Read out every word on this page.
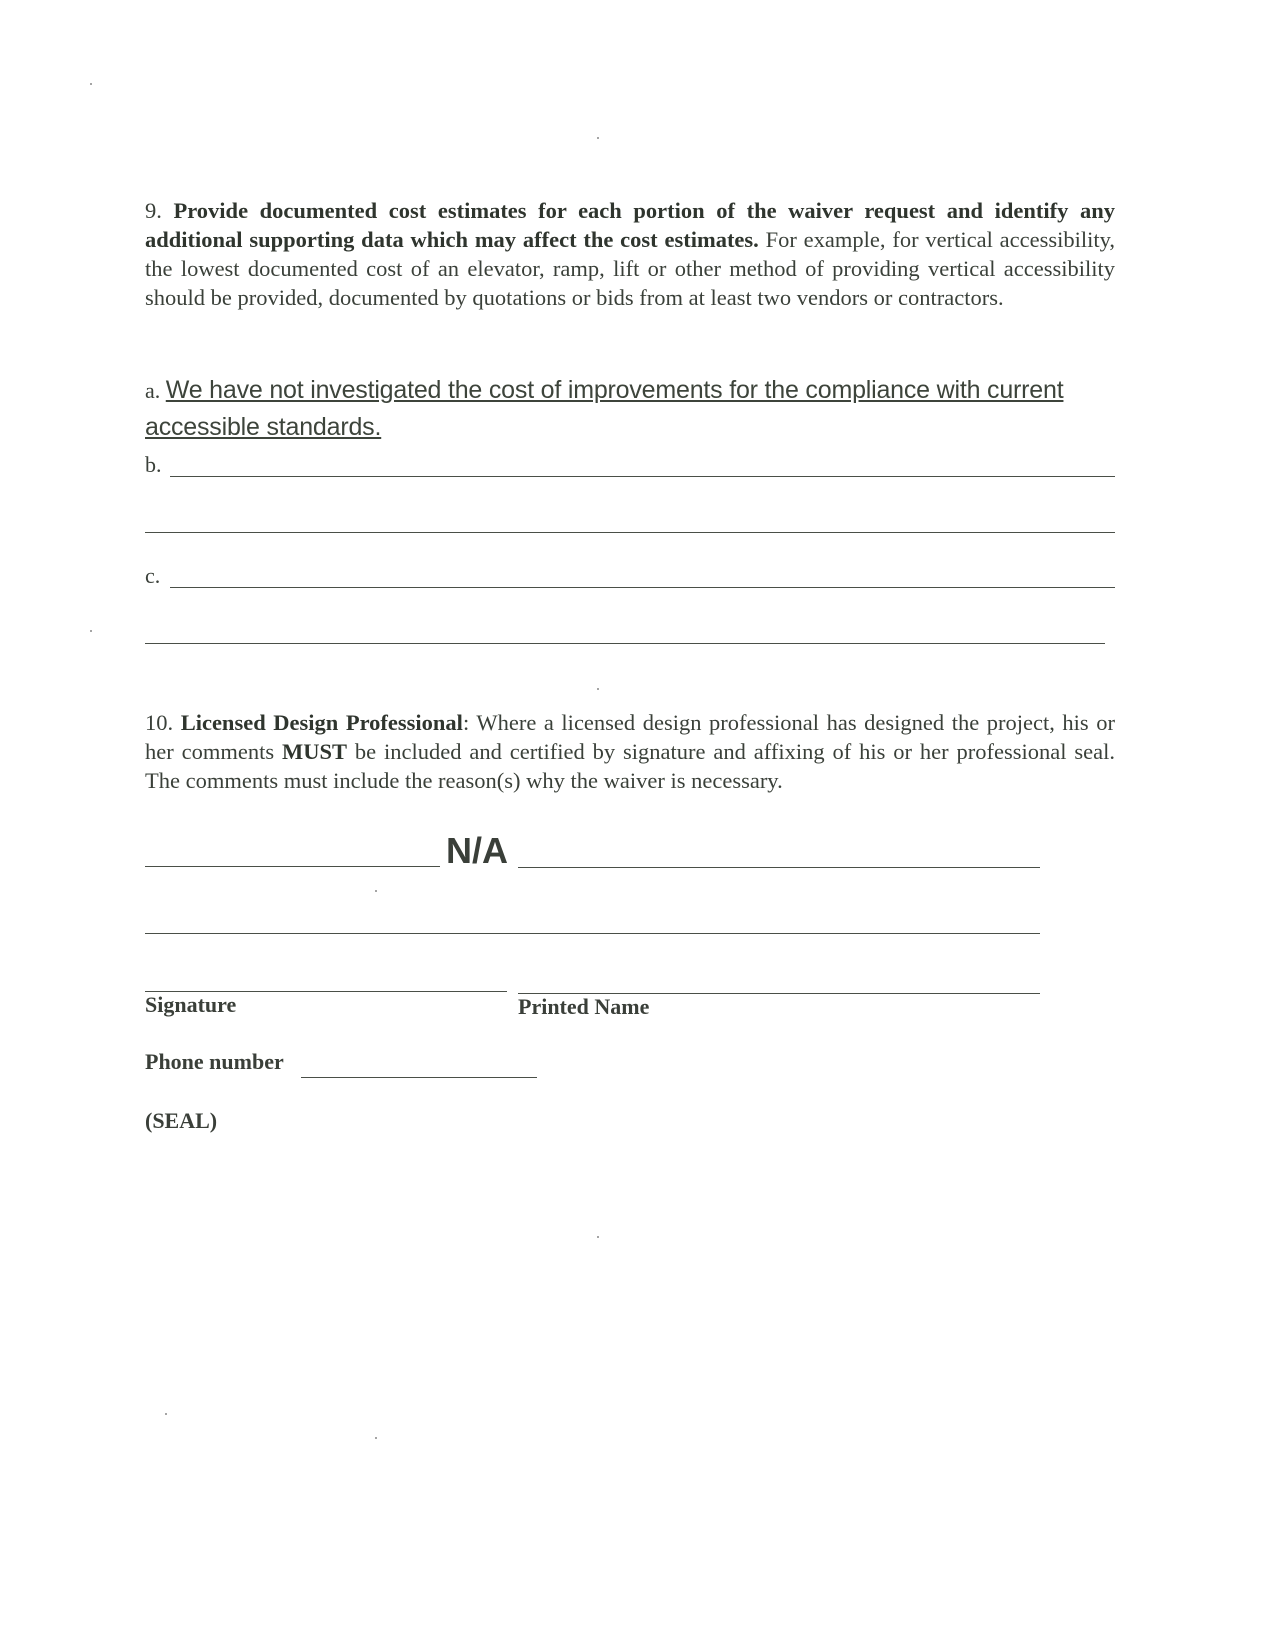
9. Provide documented cost estimates for each portion of the waiver request and identify any additional supporting data which may affect the cost estimates. For example, for vertical accessibility, the lowest documented cost of an elevator, ramp, lift or other method of providing vertical accessibility should be provided, documented by quotations or bids from at least two vendors or contractors.

a. We have not investigated the cost of improvements for the compliance with current accessible standards.
b.
c.

10. Licensed Design Professional: Where a licensed design professional has designed the project, his or her comments MUST be included and certified by signature and affixing of his or her professional seal. The comments must include the reason(s) why the waiver is necessary.

N/A
Signature	Printed Name
Phone number
(SEAL)
